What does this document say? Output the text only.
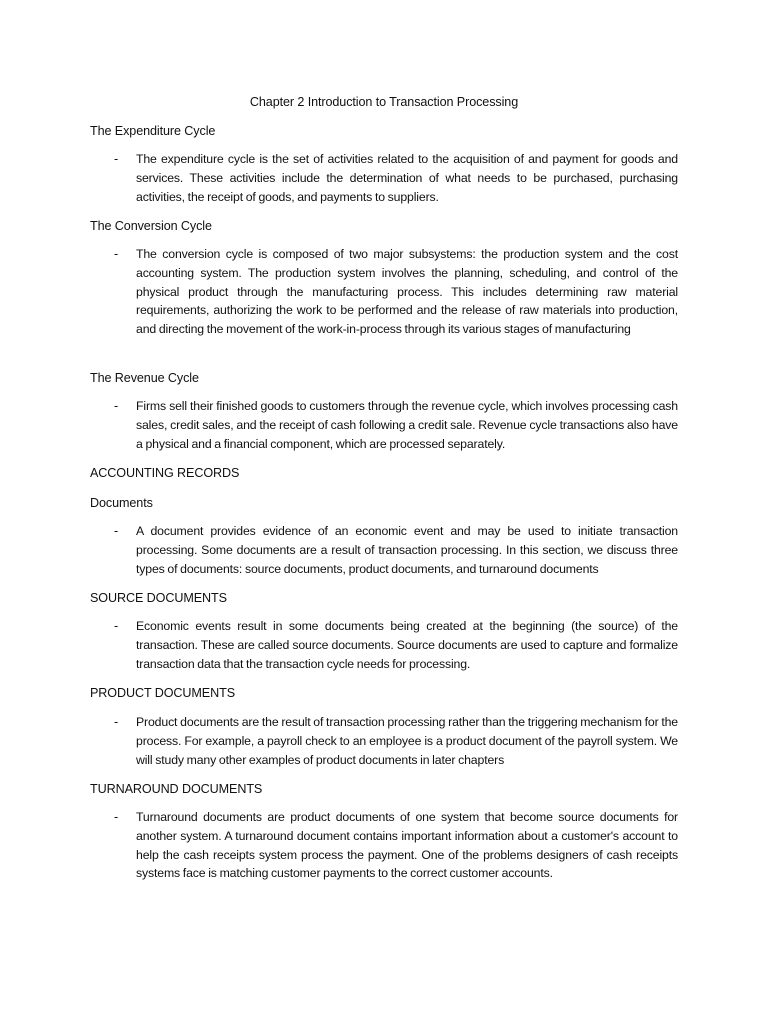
Chapter 2 Introduction to Transaction Processing
The Expenditure Cycle
- The expenditure cycle is the set of activities related to the acquisition of and payment for goods and services. These activities include the determination of what needs to be purchased, purchasing activities, the receipt of goods, and payments to suppliers.

The Conversion Cycle
- The conversion cycle is composed of two major subsystems: the production system and the cost accounting system. The production system involves the planning, scheduling, and control of the physical product through the manufacturing process. This includes determining raw material requirements, authorizing the work to be performed and the release of raw materials into production, and directing the movement of the work-in-process through its various stages of manufacturing

The Revenue Cycle
- Firms sell their finished goods to customers through the revenue cycle, which involves processing cash sales, credit sales, and the receipt of cash following a credit sale. Revenue cycle transactions also have a physical and a financial component, which are processed separately.

ACCOUNTING RECORDS
Documents
- A document provides evidence of an economic event and may be used to initiate transaction processing. Some documents are a result of transaction processing. In this section, we discuss three types of documents: source documents, product documents, and turnaround documents

SOURCE DOCUMENTS
- Economic events result in some documents being created at the beginning (the source) of the transaction. These are called source documents. Source documents are used to capture and formalize transaction data that the transaction cycle needs for processing.

PRODUCT DOCUMENTS
- Product documents are the result of transaction processing rather than the triggering mechanism for the process. For example, a payroll check to an employee is a product document of the payroll system. We will study many other examples of product documents in later chapters

TURNAROUND DOCUMENTS
- Turnaround documents are product documents of one system that become source documents for another system. A turnaround document contains important information about a customer's account to help the cash receipts system process the payment. One of the problems designers of cash receipts systems face is matching customer payments to the correct customer accounts.
